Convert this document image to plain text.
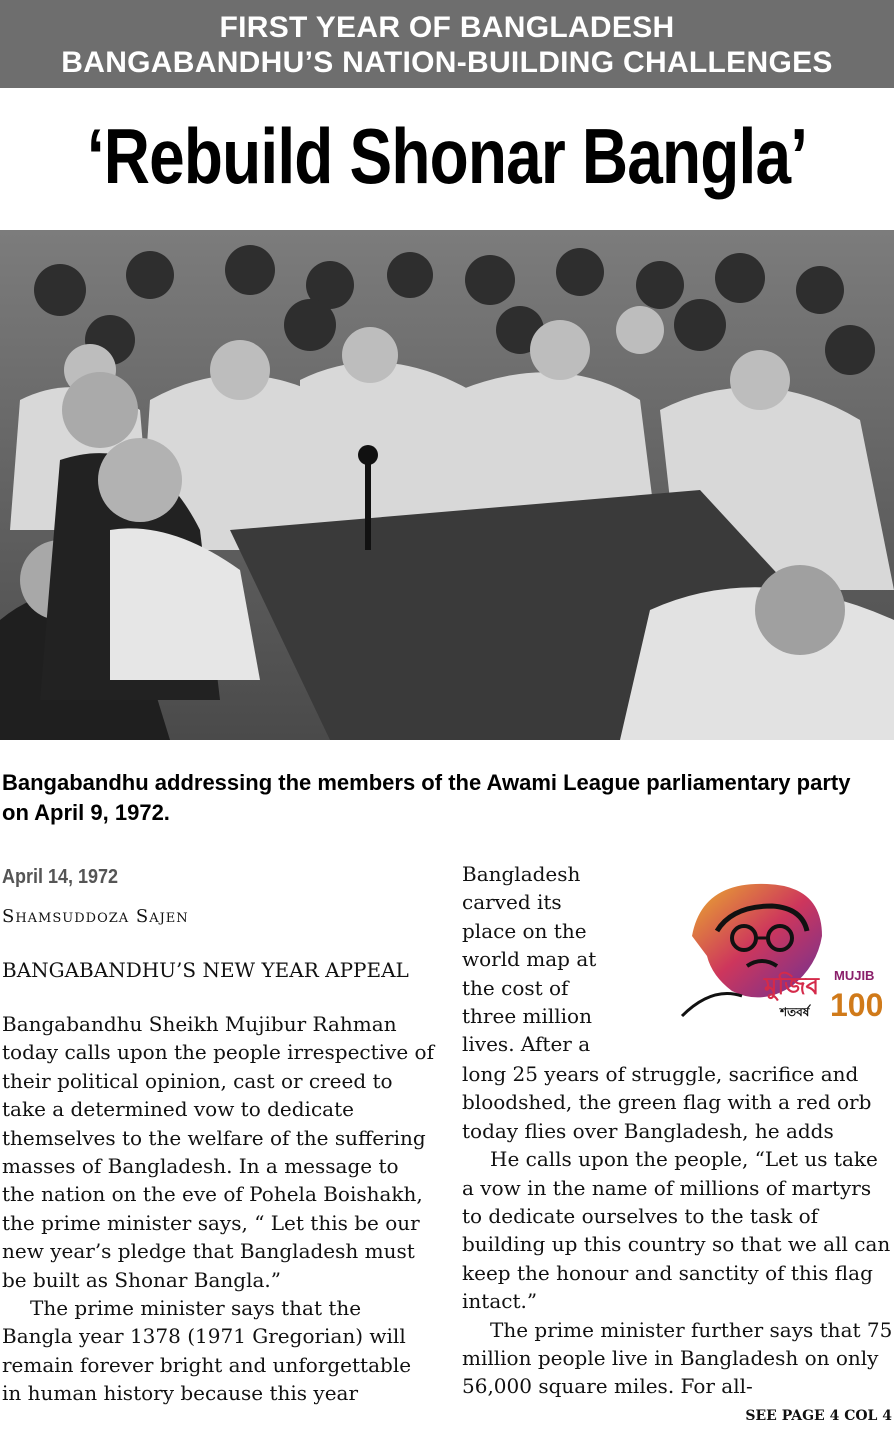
FIRST YEAR OF BANGLADESH
BANGABANDHU’S NATION-BUILDING CHALLENGES
‘Rebuild Shonar Bangla’
Bangabandhu addressing the members of the Awami League parliamentary party on April 9, 1972.
April 14, 1972
Shamsuddoza Sajen
BANGABANDHU’S NEW YEAR APPEAL

Bangabandhu Sheikh Mujibur Rahman today calls upon the people irrespective of their political opinion, cast or creed to take a determined vow to dedicate themselves to the welfare of the suffering masses of Bangladesh. In a message to the nation on the eve of Pohela Boishakh, the prime minister says, “ Let this be our new year’s pledge that Bangladesh must be built as Shonar Bangla.”

The prime minister says that the Bangla year 1378 (1971 Gregorian) will remain forever bright and unforgettable in human history because this year

Bangladesh carved its place on the world map at the cost of three million lives. After a
মুজিব
শতবর্ষ
MUJIB
100

long 25 years of struggle, sacrifice and bloodshed, the green flag with a red orb today flies over Bangladesh, he adds

He calls upon the people, “Let us take a vow in the name of millions of martyrs to dedicate ourselves to the task of building up this country so that we all can keep the honour and sanctity of this flag intact.”

The prime minister further says that 75 million people live in Bangladesh on only 56,000 square miles. For all-

SEE PAGE 4 COL 4
